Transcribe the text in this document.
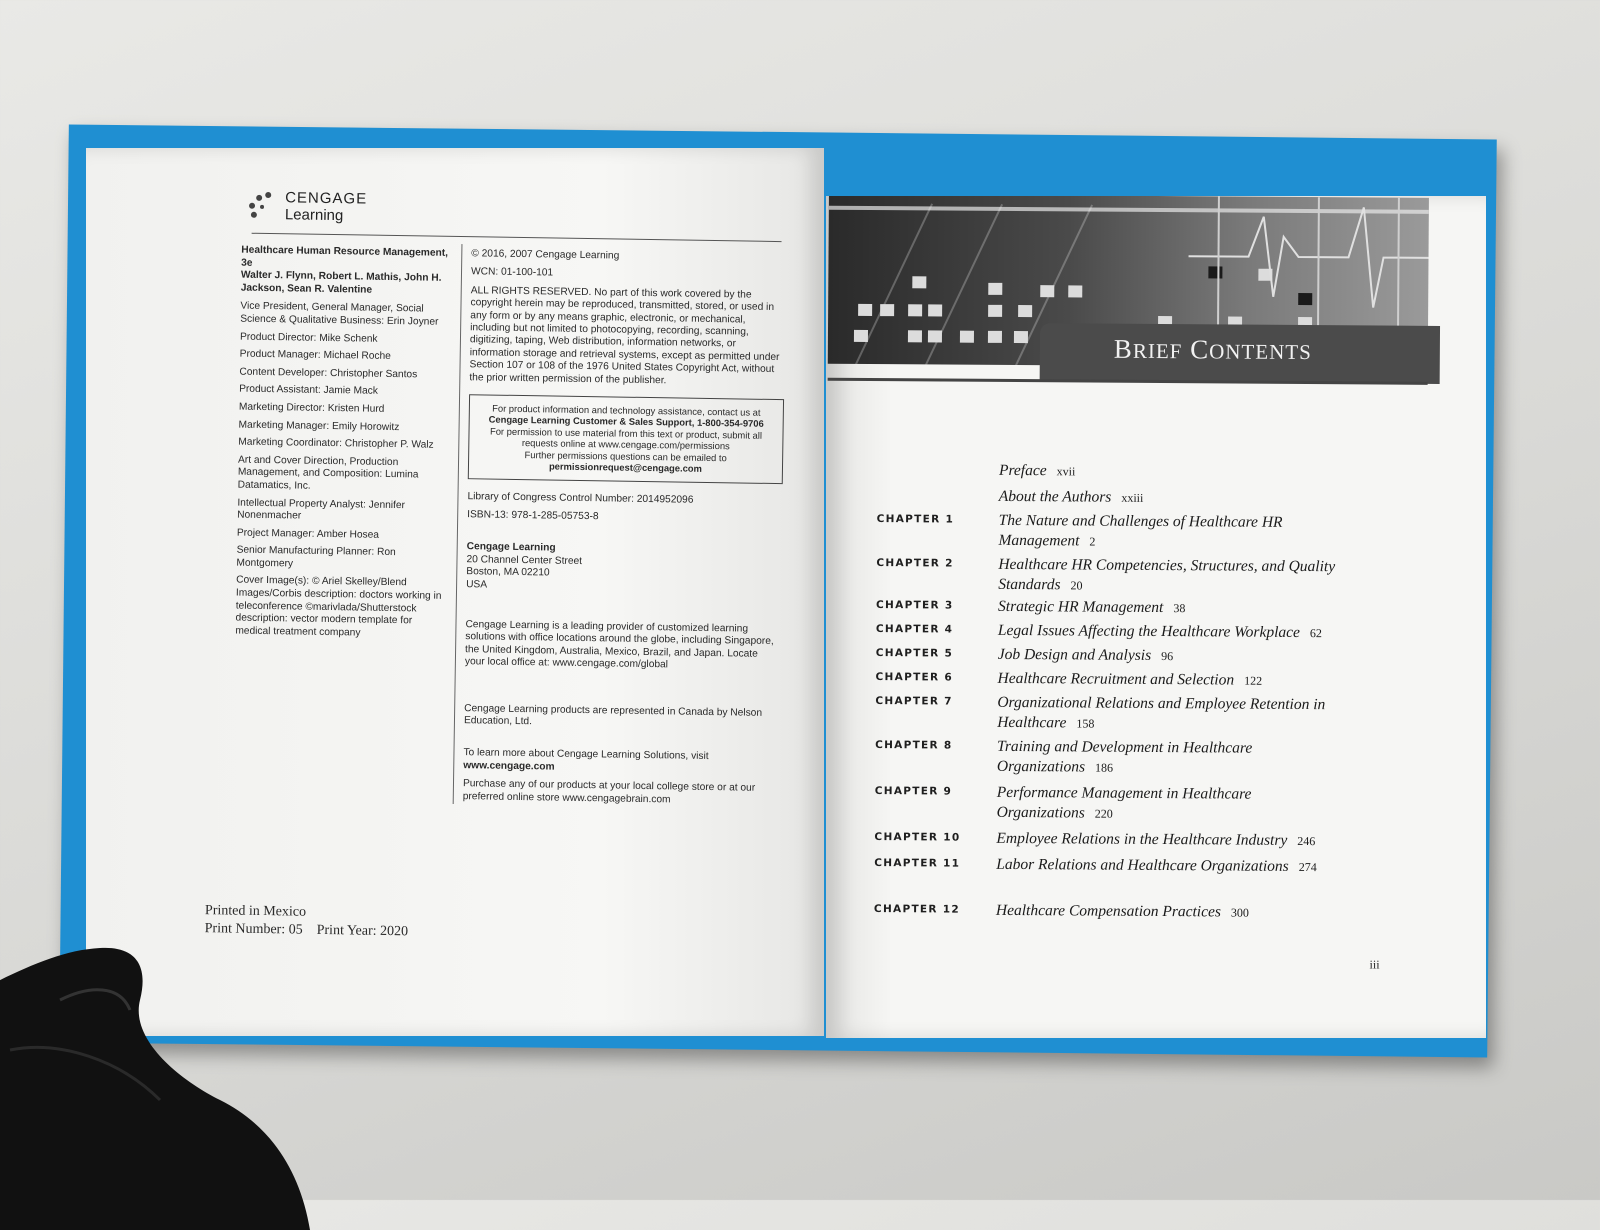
CENGAGE
Learning
Healthcare Human Resource Management, 3e
Walter J. Flynn, Robert L. Mathis, John H. Jackson, Sean R. Valentine
Vice President, General Manager, Social Science & Qualitative Business: Erin Joyner
Product Director: Mike Schenk
Product Manager: Michael Roche
Content Developer: Christopher Santos
Product Assistant: Jamie Mack
Marketing Director: Kristen Hurd
Marketing Manager: Emily Horowitz
Marketing Coordinator: Christopher P. Walz
Art and Cover Direction, Production Management, and Composition: Lumina Datamatics, Inc.
Intellectual Property Analyst: Jennifer Nonenmacher
Project Manager: Amber Hosea
Senior Manufacturing Planner: Ron Montgomery
Cover Image(s): © Ariel Skelley/Blend Images/Corbis description: doctors working in teleconference ©marivlada/Shutterstock description: vector modern template for medical treatment company

© 2016, 2007 Cengage Learning

WCN: 01-100-101

ALL RIGHTS RESERVED. No part of this work covered by the copyright herein may be reproduced, transmitted, stored, or used in any form or by any means graphic, electronic, or mechanical, including but not limited to photocopying, recording, scanning, digitizing, taping, Web distribution, information networks, or information storage and retrieval systems, except as permitted under Section 107 or 108 of the 1976 United States Copyright Act, without the prior written permission of the publisher.

For product information and technology assistance, contact us at
Cengage Learning Customer & Sales Support, 1-800-354-9706
For permission to use material from this text or product, submit all requests online at www.cengage.com/permissions
Further permissions questions can be emailed to
permissionrequest@cengage.com

Library of Congress Control Number: 2014952096

ISBN-13: 978-1-285-05753-8

Cengage Learning
20 Channel Center Street
Boston, MA 02210
USA

Cengage Learning is a leading provider of customized learning solutions with office locations around the globe, including Singapore, the United Kingdom, Australia, Mexico, Brazil, and Japan. Locate your local office at: www.cengage.com/global

Cengage Learning products are represented in Canada by Nelson Education, Ltd.

To learn more about Cengage Learning Solutions, visit

www.cengage.com

Purchase any of our products at your local college store or at our preferred online store www.cengagebrain.com

Printed in Mexico
Print Number: 05 Print Year: 2020
BRIEF CONTENTS
Preface xvii
About the Authors xxiii
CHAPTER 1	The Nature and Challenges of Healthcare HR Management 2
CHAPTER 2	Healthcare HR Competencies, Structures, and Quality Standards 20
CHAPTER 3	Strategic HR Management 38
CHAPTER 4	Legal Issues Affecting the Healthcare Workplace 62
CHAPTER 5	Job Design and Analysis 96
CHAPTER 6	Healthcare Recruitment and Selection 122
CHAPTER 7	Organizational Relations and Employee Retention in Healthcare 158
CHAPTER 8	Training and Development in Healthcare Organizations 186
CHAPTER 9	Performance Management in Healthcare Organizations 220
CHAPTER 10 Employee Relations in the Healthcare Industry 246
CHAPTER 11 Labor Relations and Healthcare Organizations 274
CHAPTER 12 Healthcare Compensation Practices 300
iii
